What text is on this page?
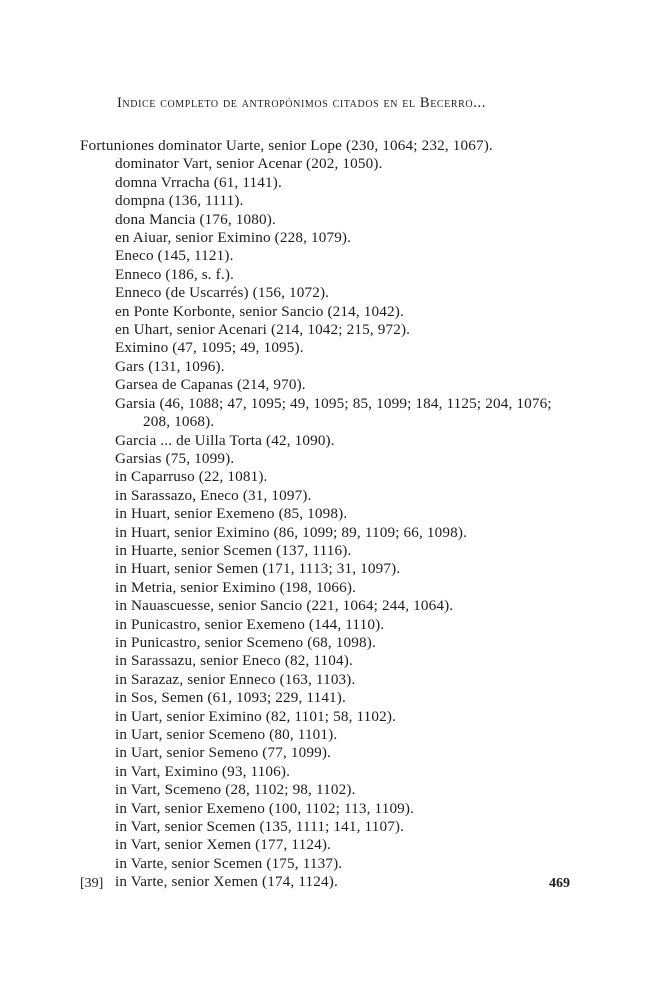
Indice completo de antropónimos citados en el Becerro...
Fortuniones dominator Uarte, senior Lope (230, 1064; 232, 1067).
dominator Vart, senior Acenar (202, 1050).
domna Vrracha (61, 1141).
dompna (136, 1111).
dona Mancia (176, 1080).
en Aiuar, senior Eximino (228, 1079).
Eneco (145, 1121).
Enneco (186, s. f.).
Enneco (de Uscarrés) (156, 1072).
en Ponte Korbonte, senior Sancio (214, 1042).
en Uhart, senior Acenari (214, 1042; 215, 972).
Eximino (47, 1095; 49, 1095).
Gars (131, 1096).
Garsea de Capanas (214, 970).
Garsia (46, 1088; 47, 1095; 49, 1095; 85, 1099; 184, 1125; 204, 1076; 208, 1068).
Garcia ... de Uilla Torta (42, 1090).
Garsias (75, 1099).
in Caparruso (22, 1081).
in Sarassazo, Eneco (31, 1097).
in Huart, senior Exemeno (85, 1098).
in Huart, senior Eximino (86, 1099; 89, 1109; 66, 1098).
in Huarte, senior Scemen (137, 1116).
in Huart, senior Semen (171, 1113; 31, 1097).
in Metria, senior Eximino (198, 1066).
in Nauascuesse, senior Sancio (221, 1064; 244, 1064).
in Punicastro, senior Exemeno (144, 1110).
in Punicastro, senior Scemeno (68, 1098).
in Sarassazu, senior Eneco (82, 1104).
in Sarazaz, senior Enneco (163, 1103).
in Sos, Semen (61, 1093; 229, 1141).
in Uart, senior Eximino (82, 1101; 58, 1102).
in Uart, senior Scemeno (80, 1101).
in Uart, senior Semeno (77, 1099).
in Vart, Eximino (93, 1106).
in Vart, Scemeno (28, 1102; 98, 1102).
in Vart, senior Exemeno (100, 1102; 113, 1109).
in Vart, senior Scemen (135, 1111; 141, 1107).
in Vart, senior Xemen (177, 1124).
in Varte, senior Scemen (175, 1137).
in Varte, senior Xemen (174, 1124).
[39]	469
